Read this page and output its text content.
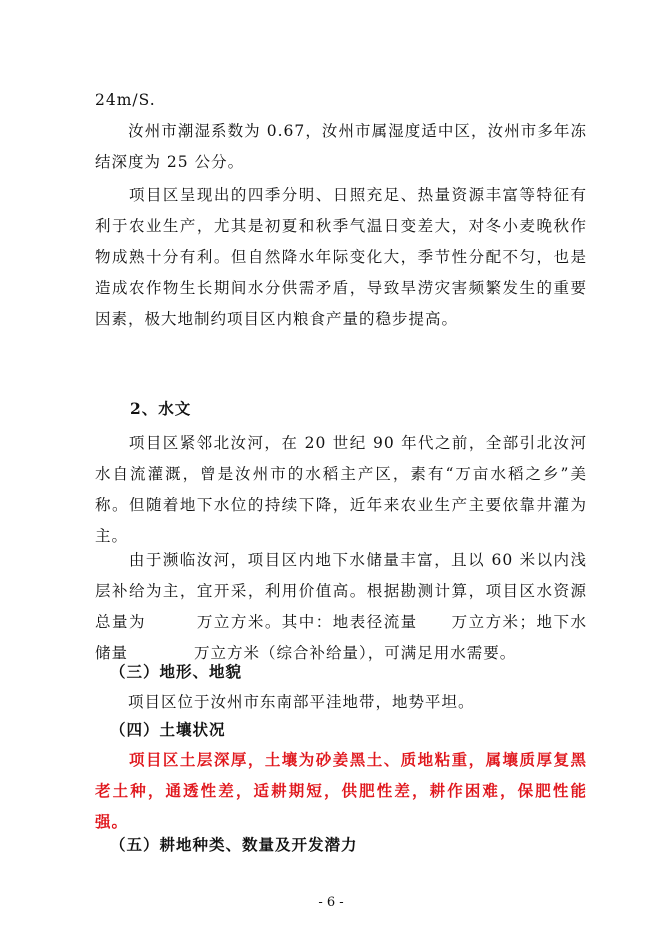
24m/S.

　　汝州市潮湿系数为 0.67，汝州市属湿度适中区，汝州市多年冻结深度为 25 公分。

　　项目区呈现出的四季分明、日照充足、热量资源丰富等特征有利于农业生产，尤其是初夏和秋季气温日变差大，对冬小麦晚秋作物成熟十分有利。但自然降水年际变化大，季节性分配不匀，也是造成农作物生长期间水分供需矛盾，导致旱涝灾害频繁发生的重要因素，极大地制约项目区内粮食产量的稳步提高。

2、水文

　　项目区紧邻北汝河，在 20 世纪 90 年代之前，全部引北汝河水自流灌溉，曾是汝州市的水稻主产区，素有“万亩水稻之乡”美称。但随着地下水位的持续下降，近年来农业生产主要依靠井灌为主。

　　由于濒临汝河，项目区内地下水储量丰富，且以 60 米以内浅层补给为主，宜开采，利用价值高。根据勘测计算，项目区水资源总量为　　　万立方米。其中：地表径流量　　万立方米；地下水储量　　　　万立方米（综合补给量），可满足用水需要。

（三）地形、地貌

　　项目区位于汝州市东南部平洼地带，地势平坦。

（四）土壤状况

　　项目区土层深厚，土壤为砂姜黑土、质地粘重，属壤质厚复黑老土种，通透性差，适耕期短，供肥性差，耕作困难，保肥性能强。

（五）耕地种类、数量及开发潜力

- 6 -
